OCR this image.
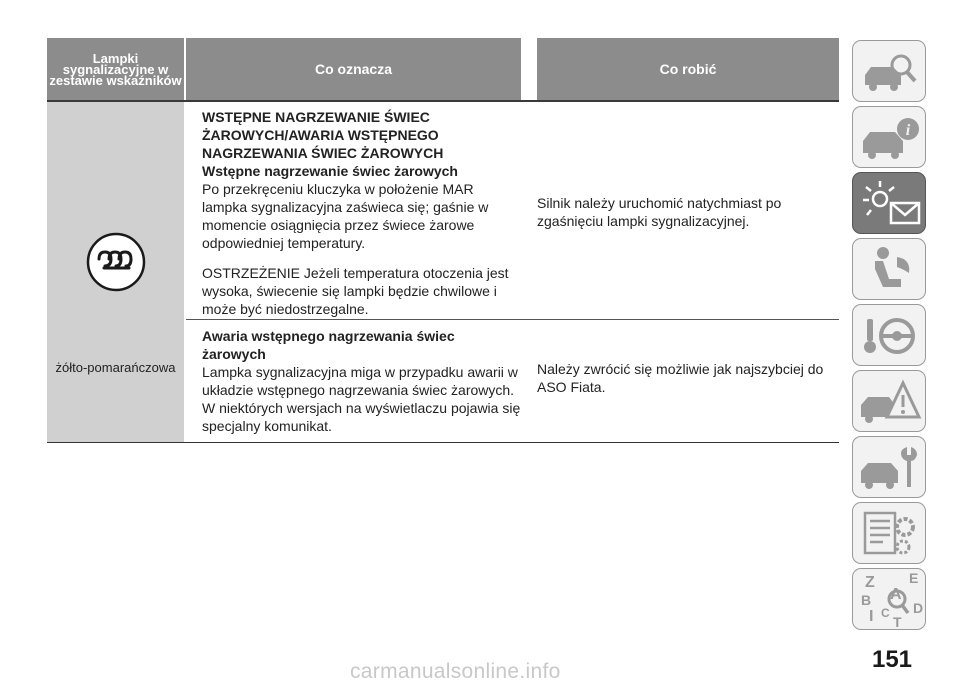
Lampki sygnalizacyjne w zestawie wskaźników
Co oznacza	Co robić
żółto-pomarańczowa

WSTĘPNE NAGRZEWANIE ŚWIEC ŻAROWYCH/AWARIA WSTĘPNEGO NAGRZEWANIA ŚWIEC ŻAROWYCH

Wstępne nagrzewanie świec żarowych

Po przekręceniu kluczyka w położenie MAR lampka sygnalizacyjna zaświeca się; gaśnie w momencie osiągnięcia przez świece żarowe odpowiedniej temperatury.

OSTRZEŻENIE Jeżeli temperatura otoczenia jest wysoka, świecenie się lampki będzie chwilowe i może być niedostrzegalne.

Silnik należy uruchomić natychmiast po zgaśnięciu lampki sygnalizacyjnej.

Awaria wstępnego nagrzewania świec żarowych

Lampka sygnalizacyjna miga w przypadku awarii w układzie wstępnego nagrzewania świec żarowych. W niektórych wersjach na wyświetlaczu pojawia się specjalny komunikat.

Należy zwrócić się możliwie jak najszybciej do ASO Fiata.
i
Z E
B A
I C D
T
151
carmanualsonline.info
